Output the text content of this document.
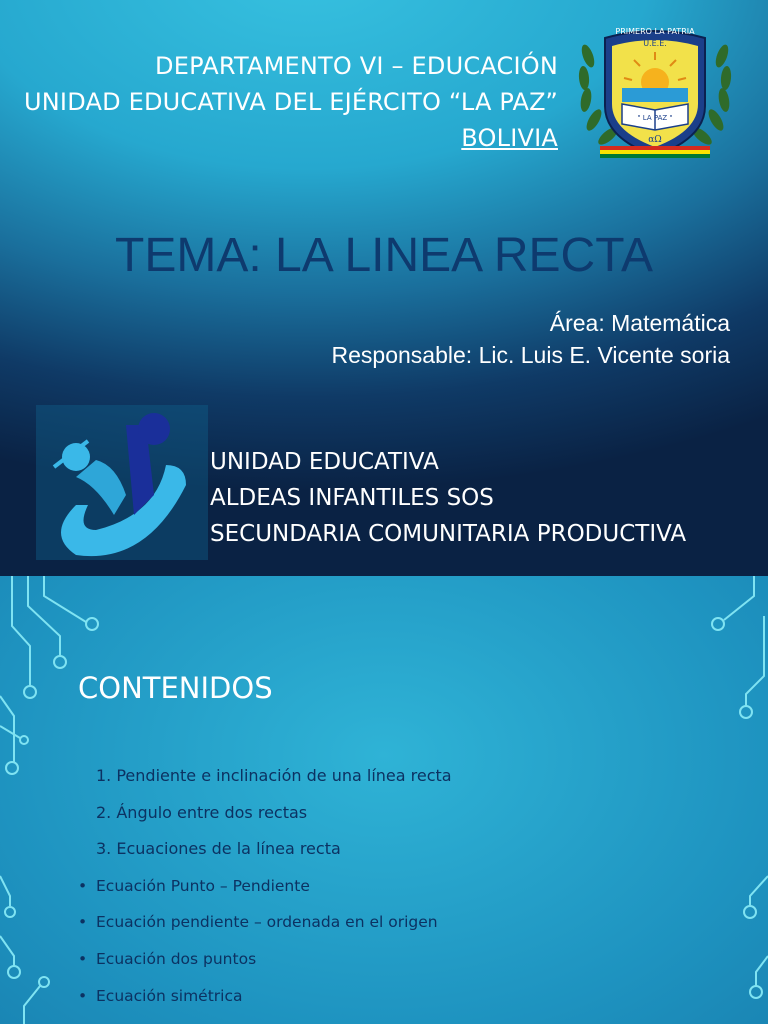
DEPARTAMENTO VI – EDUCACIÓN
UNIDAD EDUCATIVA DEL EJÉRCITO “LA PAZ”
BOLIVIA
PRIMERO LA PATRIA
U.E.E.
" LA PAZ "
αΩ
TEMA: LA LINEA RECTA
Área: Matemática
Responsable: Lic. Luis E. Vicente soria
UNIDAD EDUCATIVA
ALDEAS INFANTILES SOS
SECUNDARIA COMUNITARIA PRODUCTIVA
CONTENIDOS
1. Pendiente e inclinación de una línea recta
2. Ángulo entre dos rectas
3. Ecuaciones de la línea recta
• Ecuación Punto – Pendiente
• Ecuación pendiente – ordenada en el origen
• Ecuación dos puntos
• Ecuación simétrica
